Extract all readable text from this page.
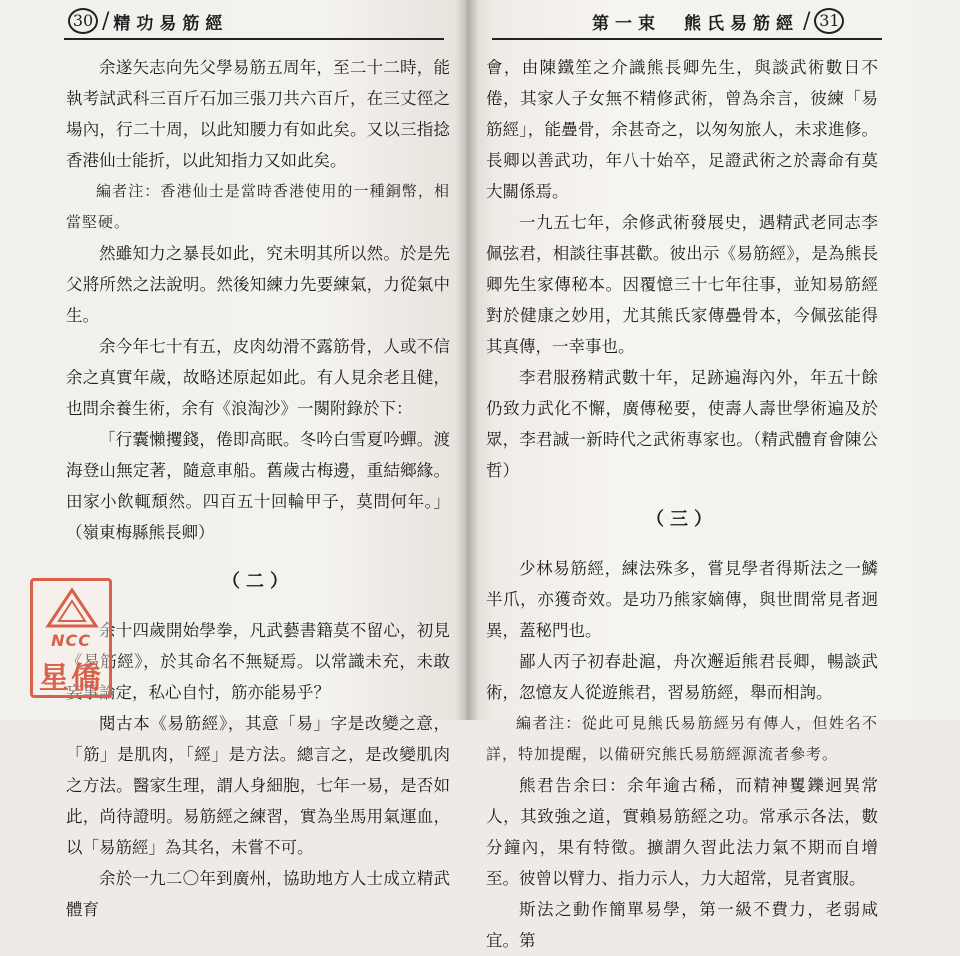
30 / 精功易筋經

余遂矢志向先父學易筋五周年，至二十二時，能執考試武科三百斤石加三張刀共六百斤，在三丈徑之場內，行二十周，以此知腰力有如此矣。又以三指捻香港仙士能折，以此知指力又如此矣。

編者注：香港仙士是當時香港使用的一種銅幣，相當堅硬。

然雖知力之暴長如此，究未明其所以然。於是先父將所然之法說明。然後知練力先要練氣，力從氣中生。

余今年七十有五，皮肉幼滑不露筋骨，人或不信余之真實年歲，故略述原起如此。有人見余老且健，也問余養生術，余有《浪淘沙》一闋附錄於下：

「行囊懶攫錢，倦即高眠。冬吟白雪夏吟蟬。渡海登山無定著，隨意車船。舊歲古梅邊，重結鄉緣。田家小飲輒頹然。四百五十回輪甲子，莫問何年。」（嶺東梅縣熊長卿）

（二）

余十四歲開始學拳，凡武藝書籍莫不留心，初見《易筋經》，於其命名不無疑焉。以常識未充，未敢妄事論定，私心自忖，筋亦能易乎？

閱古本《易筋經》，其意「易」字是改變之意，「筋」是肌肉，「經」是方法。總言之，是改變肌肉之方法。醫家生理，謂人身細胞，七年一易，是否如此，尚待證明。易筋經之練習，實為坐馬用氣運血，以「易筋經」為其名，未嘗不可。

余於一九二〇年到廣州，協助地方人士成立精武體育

第一束　熊氏易筋經 / 31

會，由陳鐵笙之介識熊長卿先生，與談武術數日不倦，其家人子女無不精修武術，曾為余言，彼練「易筋經」，能疊骨，余甚奇之，以匆匆旅人，未求進修。長卿以善武功，年八十始卒，足證武術之於壽命有莫大關係焉。

一九五七年，余修武術發展史，遇精武老同志李佩弦君，相談往事甚歡。彼出示《易筋經》，是為熊長卿先生家傳秘本。因覆憶三十七年往事，並知易筋經對於健康之妙用，尤其熊氏家傳疊骨本，今佩弦能得其真傳，一幸事也。

李君服務精武數十年，足跡遍海內外，年五十餘仍致力武化不懈，廣傳秘要，使壽人壽世學術遍及於眾，李君誠一新時代之武術專家也。（精武體育會陳公哲）

（三）

少林易筋經，練法殊多，嘗見學者得斯法之一鱗半爪，亦獲奇效。是功乃熊家嫡傳，與世間常見者迥異，蓋秘門也。

鄙人丙子初春赴滬，舟次邂逅熊君長卿，暢談武術，忽憶友人從遊熊君，習易筋經，舉而相詢。

編者注：從此可見熊氏易筋經另有傳人，但姓名不詳，特加提醒，以備研究熊氏易筋經源流者參考。

熊君告余曰：余年逾古稀，而精神矍鑠迥異常人，其致強之道，實賴易筋經之功。常承示各法，數分鐘內，果有特徵。擴謂久習此法力氣不期而自增至。彼曾以臂力、指力示人，力大超常，見者賓服。

斯法之動作簡單易學，第一級不費力，老弱咸宜。第

NCC
星僑
